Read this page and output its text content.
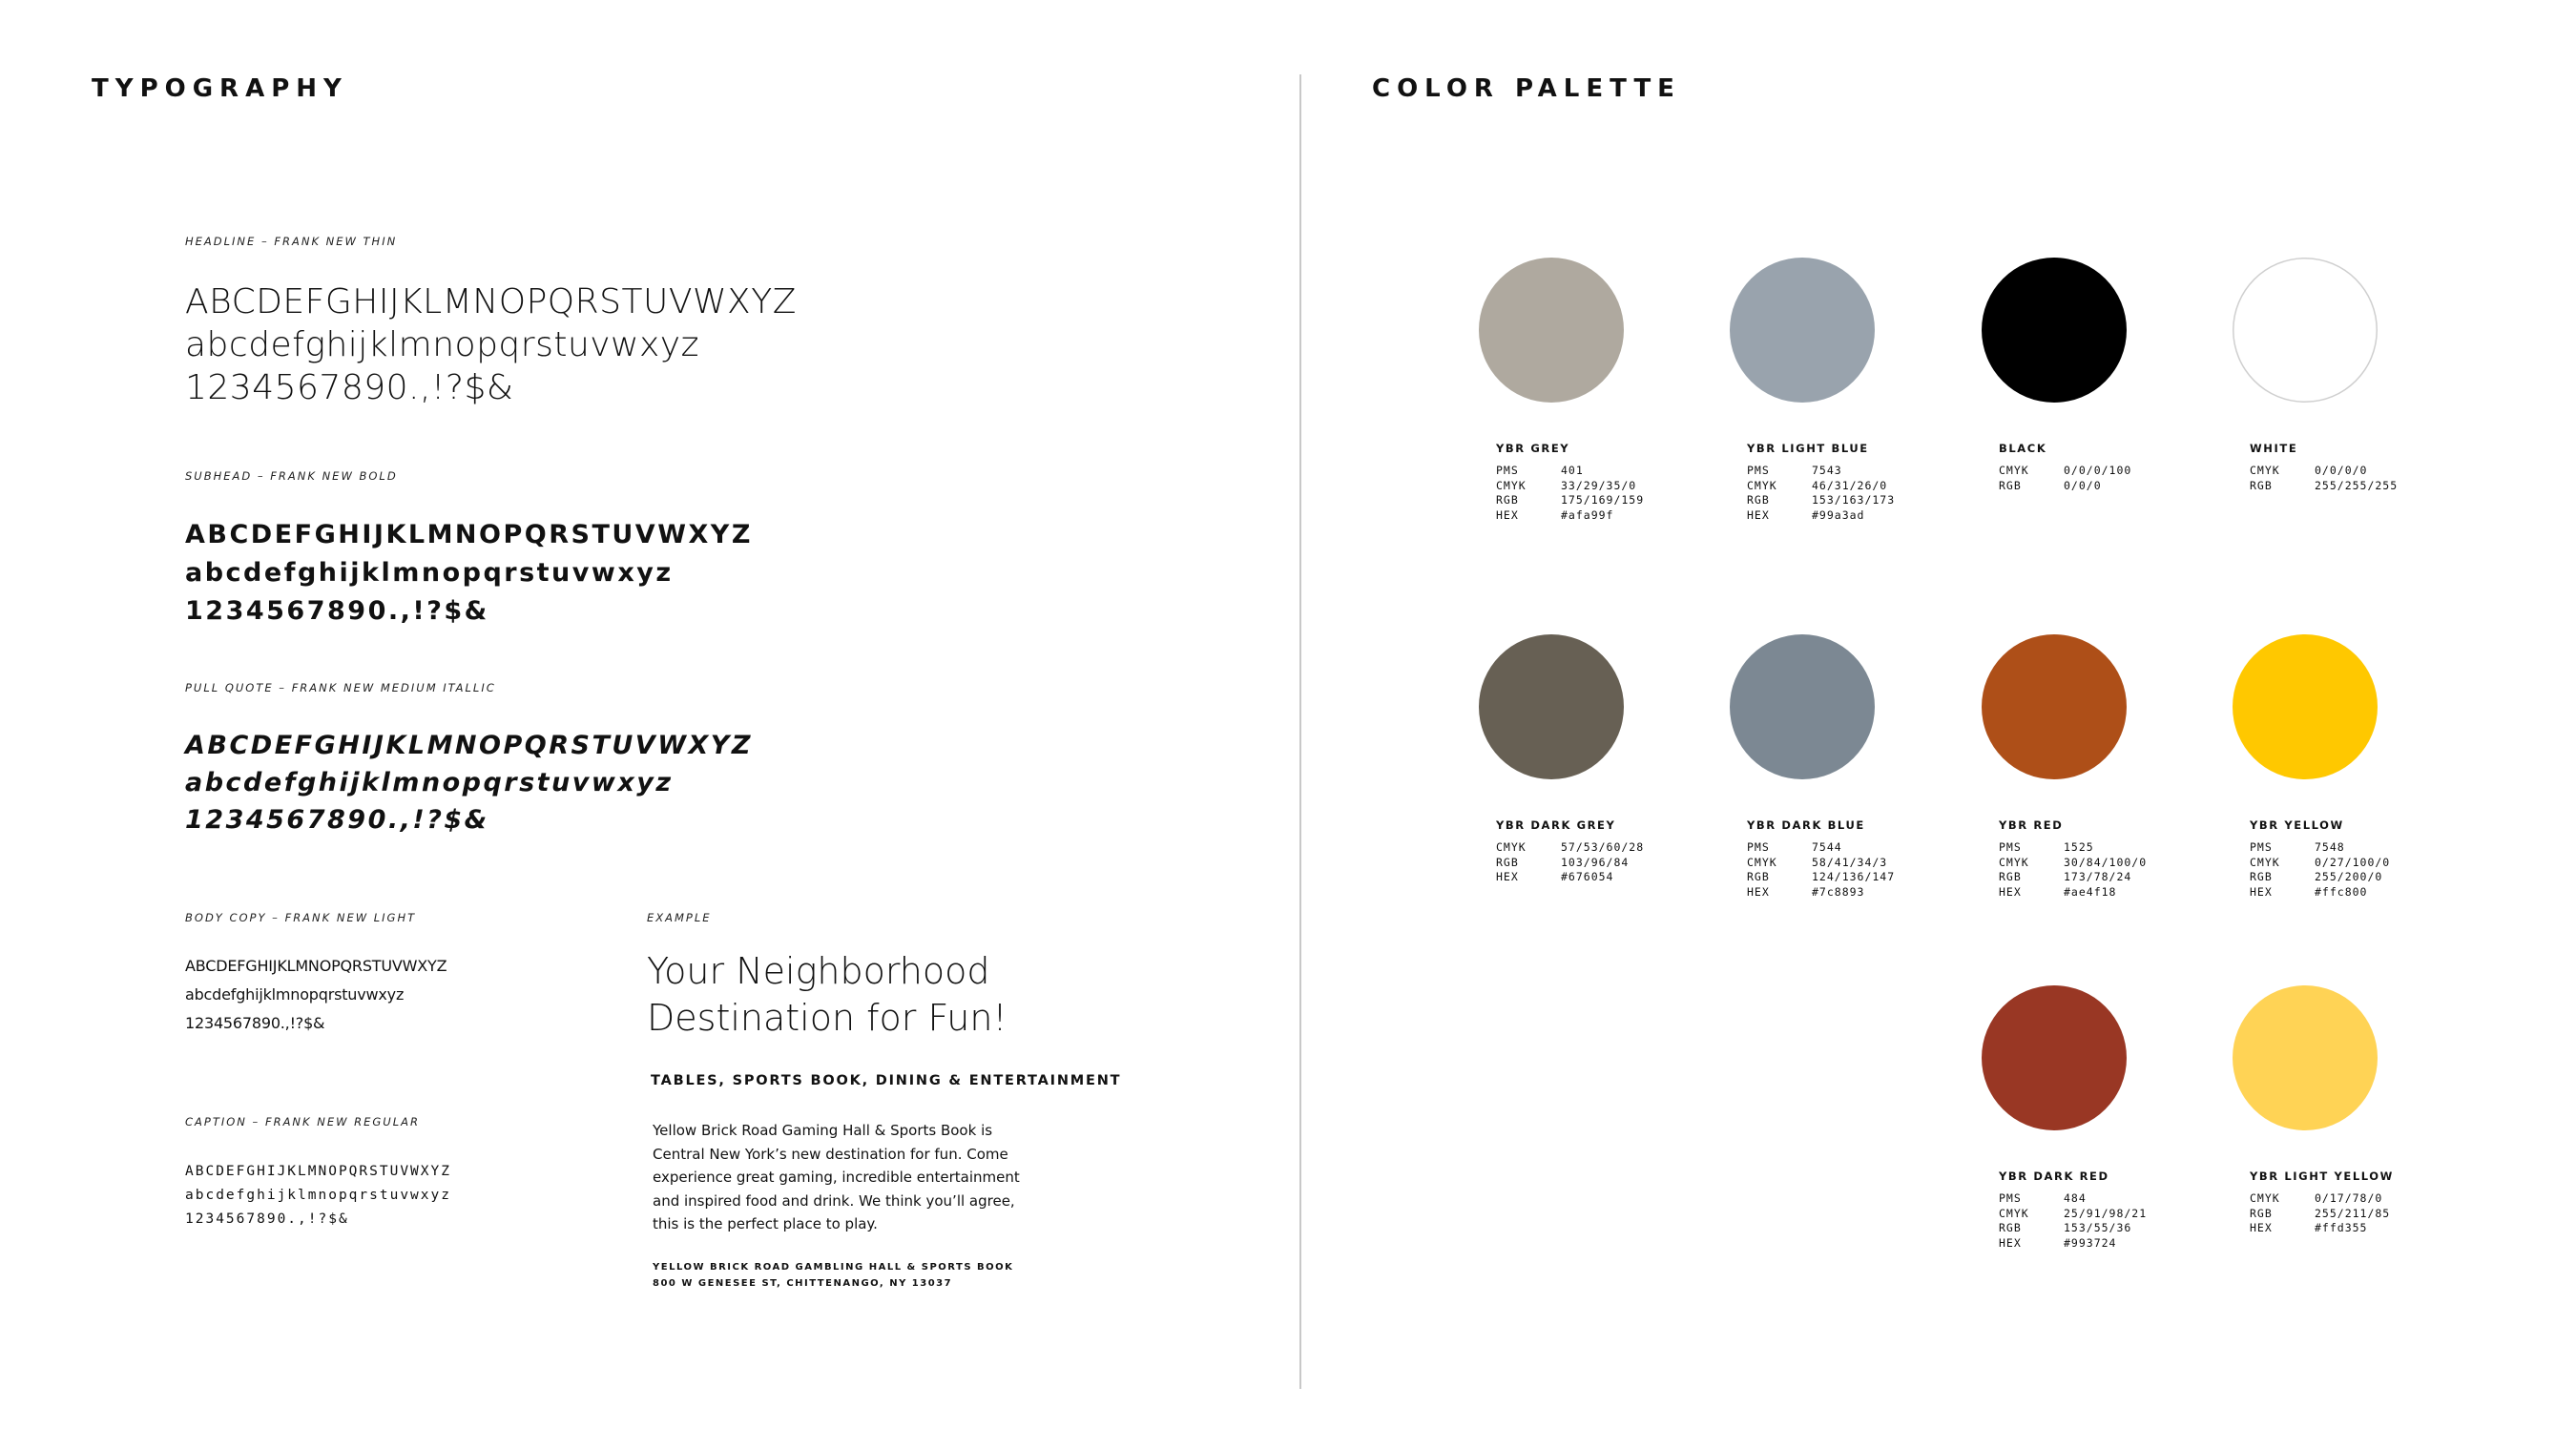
TYPOGRAPHY
HEADLINE – FRANK NEW THIN
ABCDEFGHIJKLMNOPQRSTUVWXYZ
abcdefghijklmnopqrstuvwxyz
1234567890.,!?$&
SUBHEAD – FRANK NEW BOLD
ABCDEFGHIJKLMNOPQRSTUVWXYZ
abcdefghijklmnopqrstuvwxyz
1234567890.,!?$&
PULL QUOTE – FRANK NEW MEDIUM ITALLIC
ABCDEFGHIJKLMNOPQRSTUVWXYZ
abcdefghijklmnopqrstuvwxyz
1234567890.,!?$&
BODY COPY – FRANK NEW LIGHT
ABCDEFGHIJKLMNOPQRSTUVWXYZ
abcdefghijklmnopqrstuvwxyz
1234567890.,!?$&
CAPTION – FRANK NEW REGULAR
ABCDEFGHIJKLMNOPQRSTUVWXYZ
abcdefghijklmnopqrstuvwxyz
1234567890.,!?$&
EXAMPLE
Your Neighborhood
Destination for Fun!
TABLES, SPORTS BOOK, DINING & ENTERTAINMENT
Yellow Brick Road Gaming Hall & Sports Book is
Central New York’s new destination for fun. Come
experience great gaming, incredible entertainment
and inspired food and drink. We think you’ll agree,
this is the perfect place to play.
YELLOW BRICK ROAD GAMBLING HALL & SPORTS BOOK
800 W GENESEE ST, CHITTENANGO, NY 13037
COLOR PALETTE
YBR GREY
PMS	401
CMYK	33/29/35/0
RGB	175/169/159
HEX	#afa99f
YBR LIGHT BLUE
PMS	7543
CMYK	46/31/26/0
RGB	153/163/173
HEX	#99a3ad
BLACK
CMYK	0/0/0/100
RGB	0/0/0
WHITE
CMYK	0/0/0/0
RGB	255/255/255
YBR DARK GREY
CMYK	57/53/60/28
RGB	103/96/84
HEX	#676054
YBR DARK BLUE
PMS	7544
CMYK	58/41/34/3
RGB	124/136/147
HEX	#7c8893
YBR RED
PMS	1525
CMYK	30/84/100/0
RGB	173/78/24
HEX	#ae4f18
YBR YELLOW
PMS	7548
CMYK	0/27/100/0
RGB	255/200/0
HEX	#ffc800
YBR DARK RED
PMS	484
CMYK	25/91/98/21
RGB	153/55/36
HEX	#993724
YBR LIGHT YELLOW
CMYK	0/17/78/0
RGB	255/211/85
HEX	#ffd355
